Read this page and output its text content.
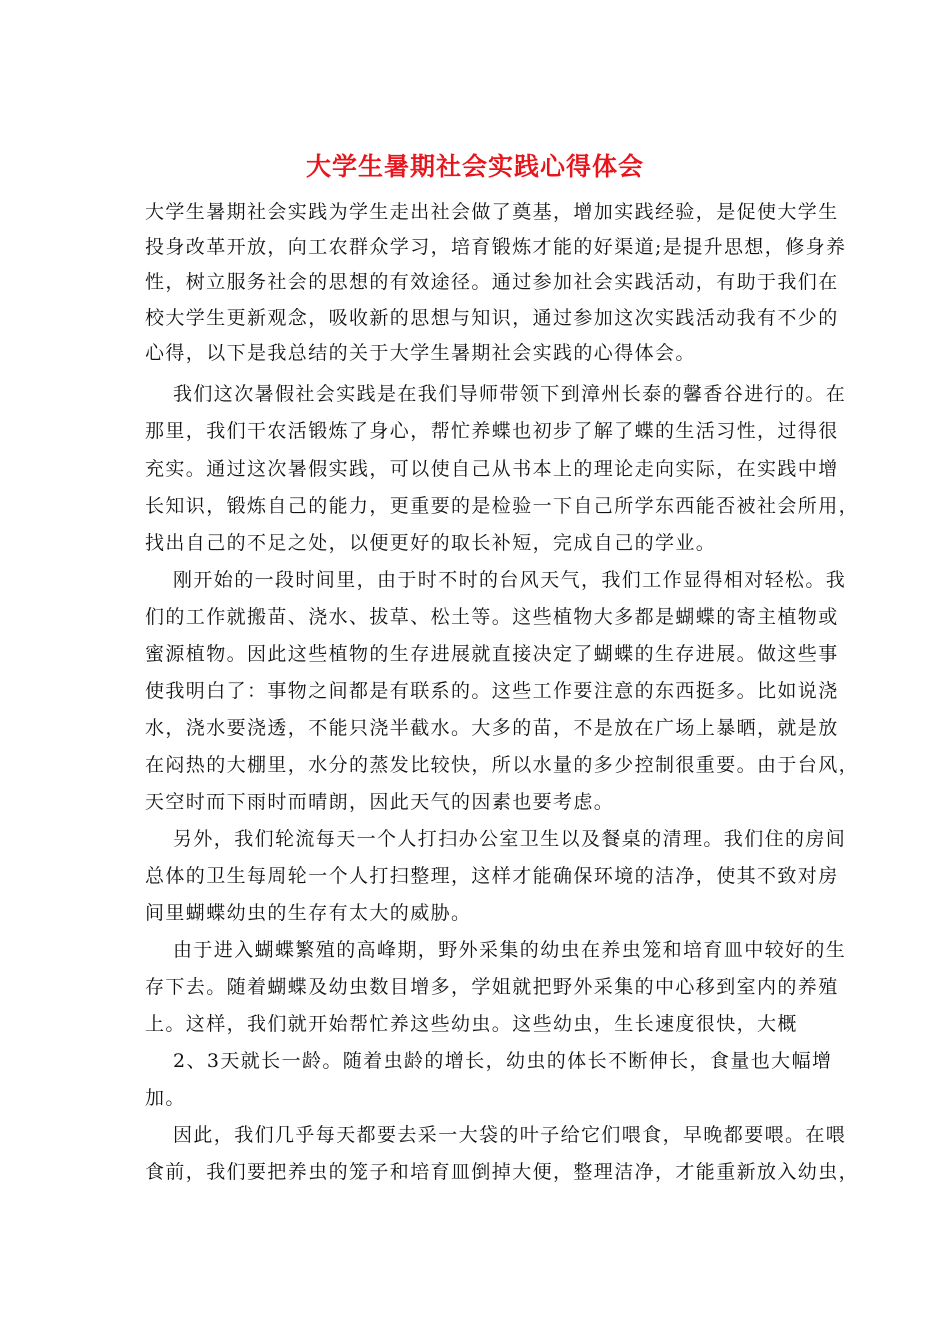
大学生暑期社会实践心得体会
大学生暑期社会实践为学生走出社会做了奠基，增加实践经验，是促使大学生
投身改革开放，向工农群众学习，培育锻炼才能的好渠道;是提升思想，修身养
性，树立服务社会的思想的有效途径。通过参加社会实践活动，有助于我们在
校大学生更新观念，吸收新的思想与知识，通过参加这次实践活动我有不少的
心得，以下是我总结的关于大学生暑期社会实践的心得体会。
我们这次暑假社会实践是在我们导师带领下到漳州长泰的馨香谷进行的。在
那里，我们干农活锻炼了身心，帮忙养蝶也初步了解了蝶的生活习性，过得很
充实。通过这次暑假实践，可以使自己从书本上的理论走向实际，在实践中增
长知识，锻炼自己的能力，更重要的是检验一下自己所学东西能否被社会所用，
找出自己的不足之处，以便更好的取长补短，完成自己的学业。
刚开始的一段时间里，由于时不时的台风天气，我们工作显得相对轻松。我
们的工作就搬苗、浇水、拔草、松土等。这些植物大多都是蝴蝶的寄主植物或
蜜源植物。因此这些植物的生存进展就直接决定了蝴蝶的生存进展。做这些事
使我明白了：事物之间都是有联系的。这些工作要注意的东西挺多。比如说浇
水，浇水要浇透，不能只浇半截水。大多的苗，不是放在广场上暴晒，就是放
在闷热的大棚里，水分的蒸发比较快，所以水量的多少控制很重要。由于台风，
天空时而下雨时而晴朗，因此天气的因素也要考虑。
另外，我们轮流每天一个人打扫办公室卫生以及餐桌的清理。我们住的房间
总体的卫生每周轮一个人打扫整理，这样才能确保环境的洁净，使其不致对房
间里蝴蝶幼虫的生存有太大的威胁。
由于进入蝴蝶繁殖的高峰期，野外采集的幼虫在养虫笼和培育皿中较好的生
存下去。随着蝴蝶及幼虫数目增多，学姐就把野外采集的中心移到室内的养殖
上。这样，我们就开始帮忙养这些幼虫。这些幼虫，生长速度很快，大概
2、3天就长一龄。随着虫龄的增长，幼虫的体长不断伸长，食量也大幅增
加。
因此，我们几乎每天都要去采一大袋的叶子给它们喂食，早晚都要喂。在喂
食前，我们要把养虫的笼子和培育皿倒掉大便，整理洁净，才能重新放入幼虫，
